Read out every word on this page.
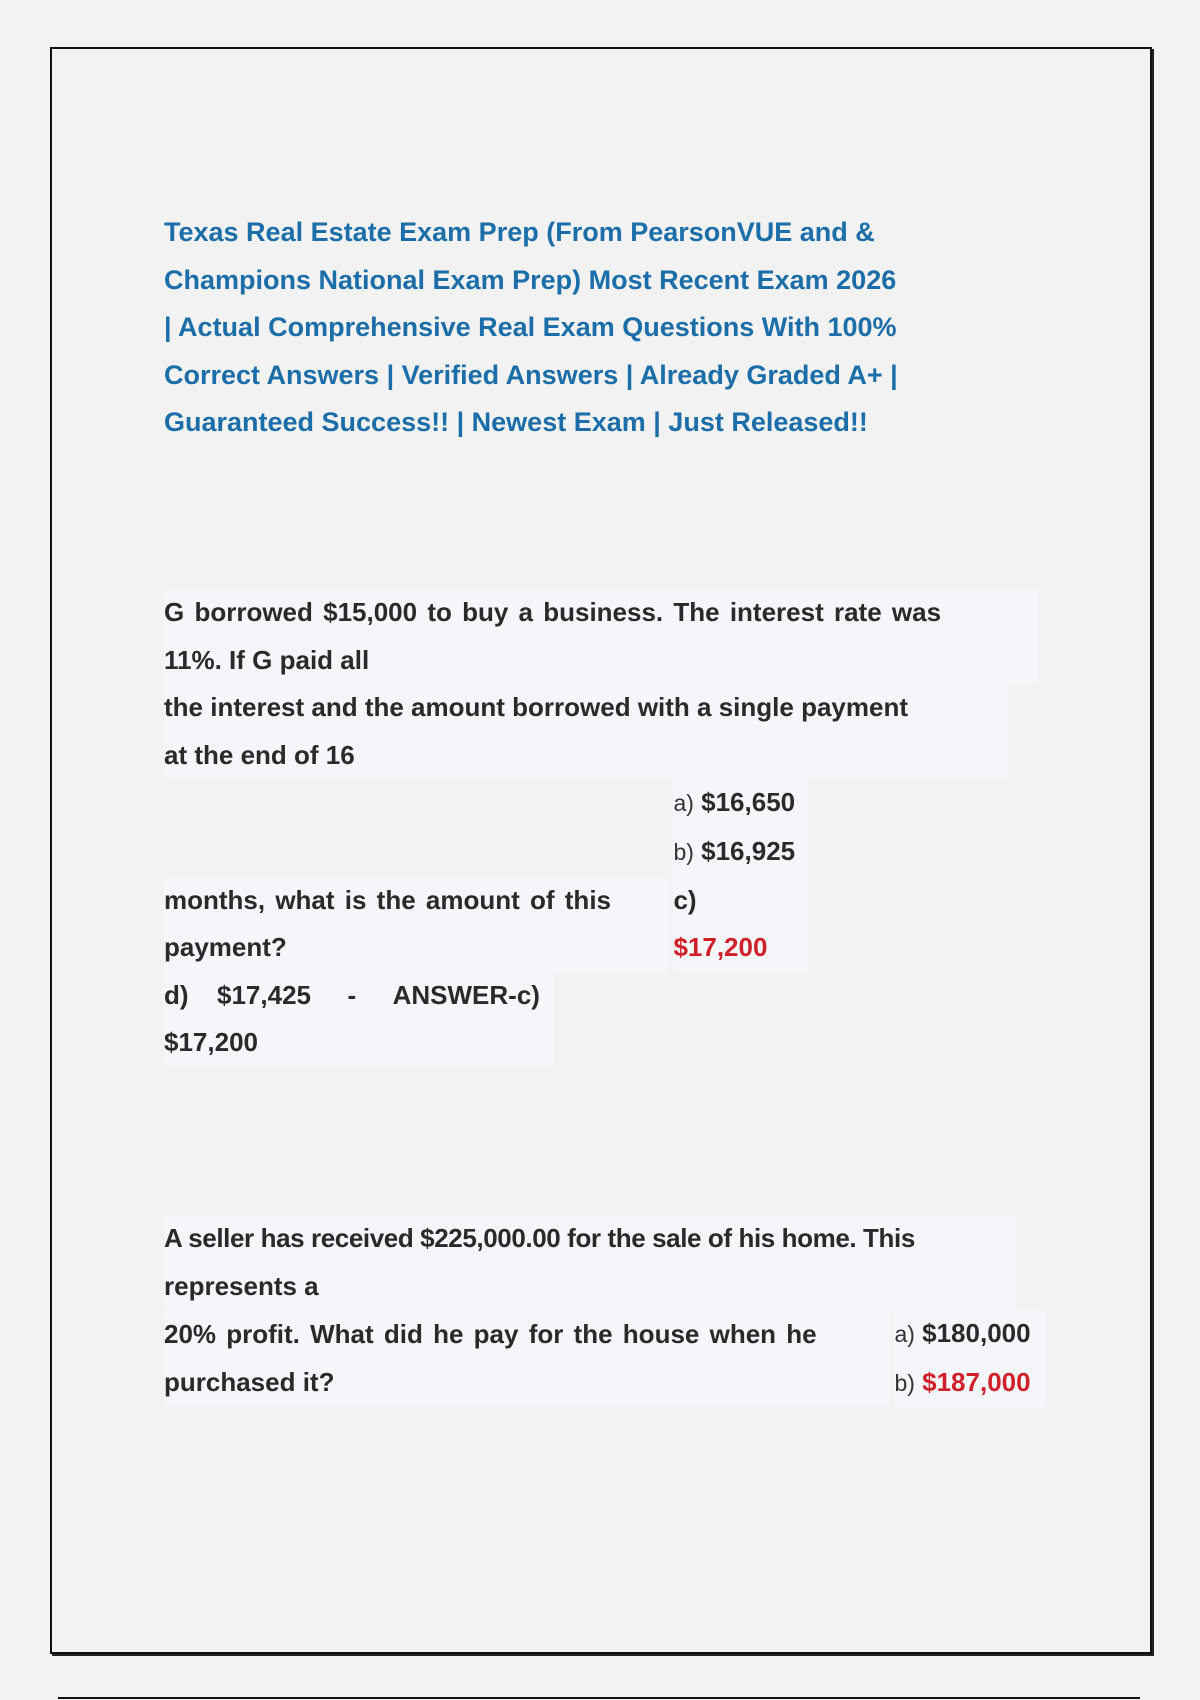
Texas Real Estate Exam Prep (From PearsonVUE and &
Champions National Exam Prep) Most Recent Exam 2026
| Actual Comprehensive Real Exam Questions With 100%
Correct Answers | Verified Answers | Already Graded A+ |
Guaranteed Success!! | Newest Exam | Just Released!!
G borrowed $15,000 to buy a business. The interest rate was
11%. If G paid all

the interest and the amount borrowed with a single payment
at the end of 16

months, what is the amount of this
payment?

a) $16,650
b) $16,925
c)
$17,200

d) $17,425 - ANSWER-c)
$17,200
A seller has received $225,000.00 for the sale of his home. This
represents a

20% profit. What did he pay for the house when he
purchased it?

a) $180,000
b) $187,000
